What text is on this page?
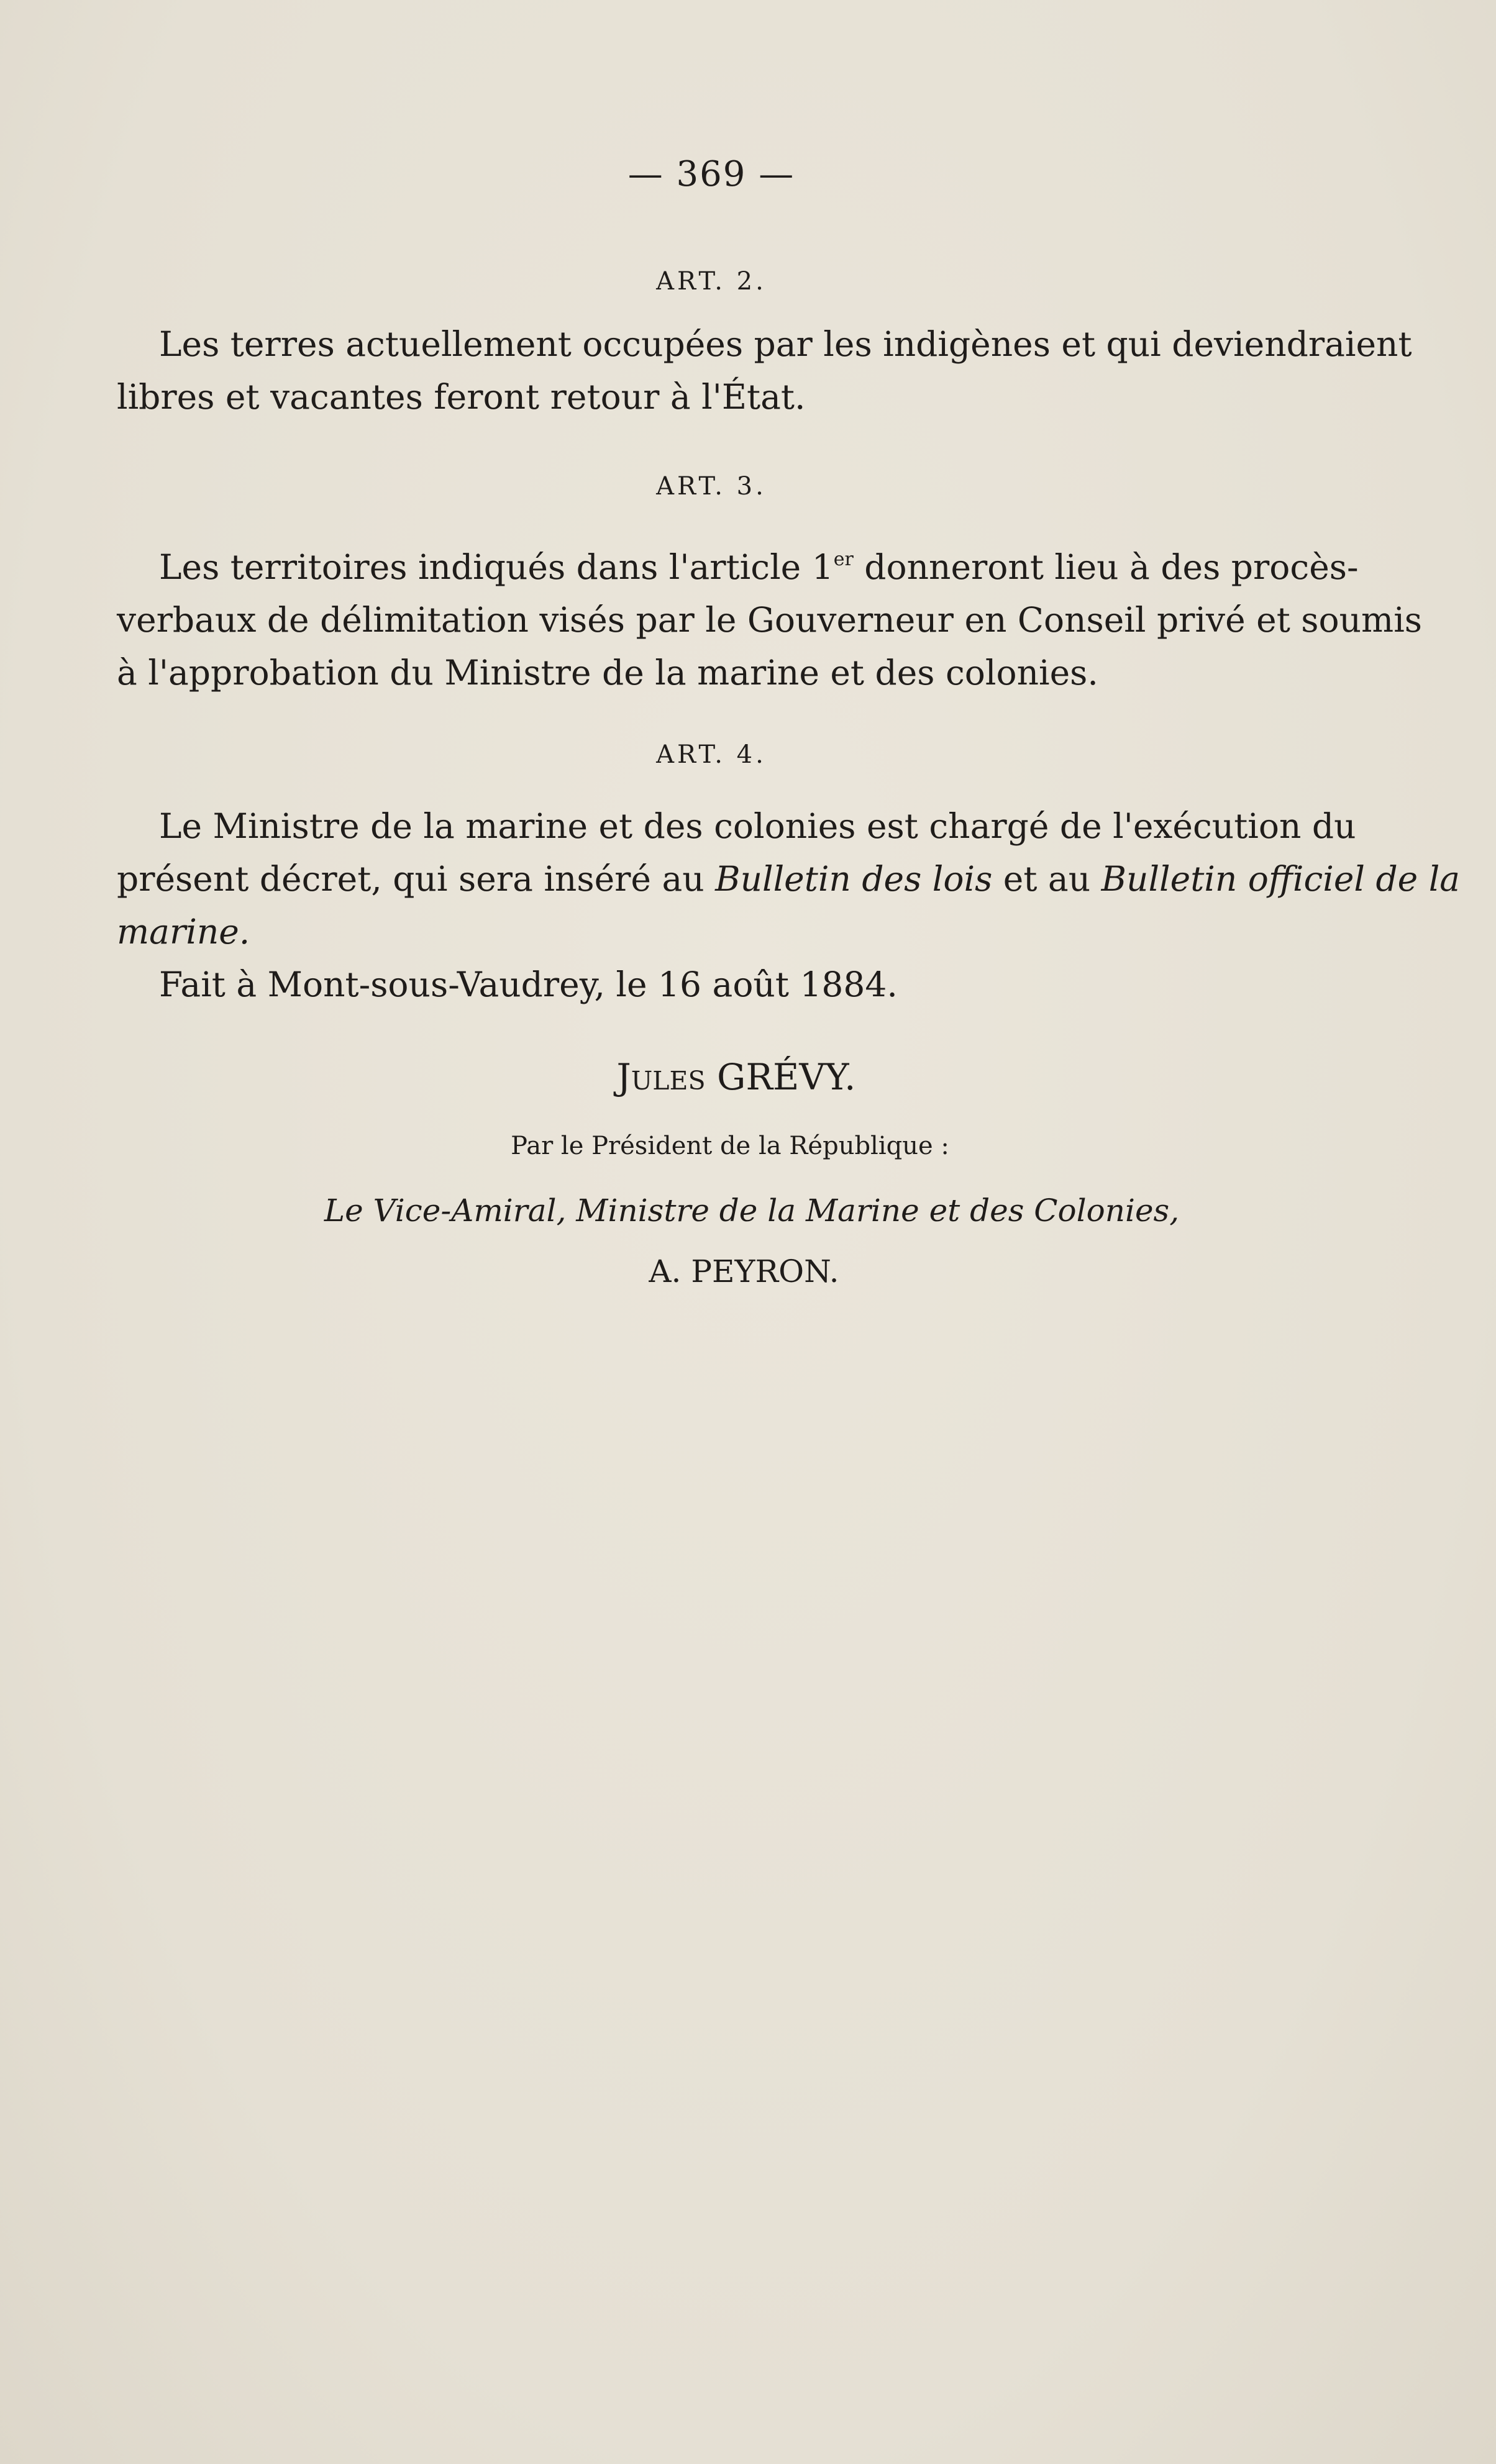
— 369 —
ART. 2.
Les terres actuellement occupées par les indigènes et qui deviendraient
libres et vacantes feront retour à l'État.
ART. 3.
Les territoires indiqués dans l'article 1er donneront lieu à des procès-
verbaux de délimitation visés par le Gouverneur en Conseil privé et soumis
à l'approbation du Ministre de la marine et des colonies.
ART. 4.
Le Ministre de la marine et des colonies est chargé de l'exécution du
présent décret, qui sera inséré au Bulletin des lois et au Bulletin officiel de la
marine.
Fait à Mont-sous-Vaudrey, le 16 août 1884.
Jules GRÉVY.
Par le Président de la République :
Le Vice-Amiral, Ministre de la Marine et des Colonies,
A. PEYRON.
